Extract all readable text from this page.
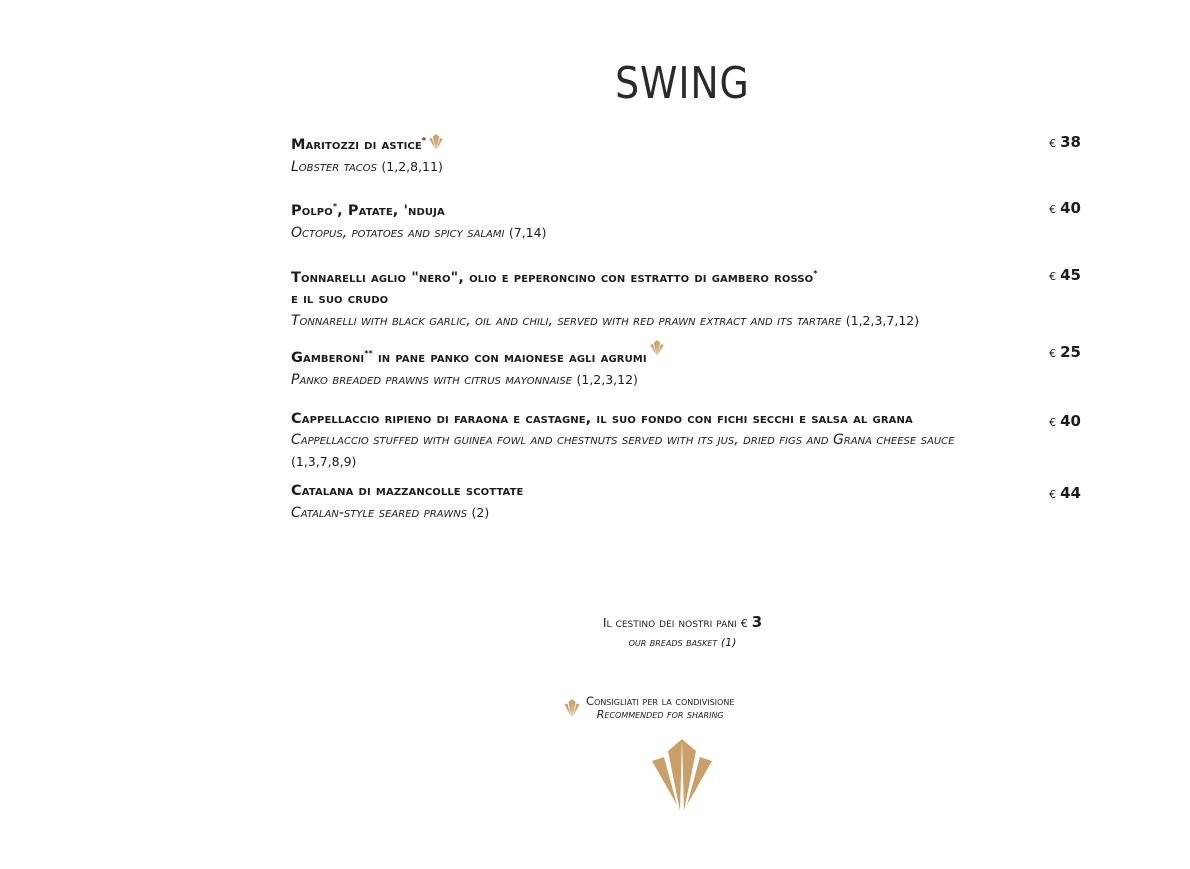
SWING
Maritozzi di astice*
Lobster tacos (1,2,8,11)
€ 38
Polpo*, Patate, 'nduja
Octopus, potatoes and spicy salami (7,14)
€ 40
Tonnarelli aglio "nero", olio e peperoncino con estratto di gambero rosso*
e il suo crudo
Tonnarelli with black garlic, oil and chili, served with red prawn extract and its tartare (1,2,3,7,12)
€ 45
Gamberoni** in pane panko con maionese agli agrumi
Panko breaded prawns with citrus mayonnaise (1,2,3,12)
€ 25
Cappellaccio ripieno di faraona e castagne, il suo fondo con fichi secchi e salsa al grana
Cappellaccio stuffed with guinea fowl and chestnuts served with its jus, dried figs and Grana cheese sauce (1,3,7,8,9)
€ 40
Catalana di mazzancolle scottate
Catalan-style seared prawns (2)
€ 44
Il cestino dei nostri pani € 3
our breads basket (1)
Consigliati per la condivisione
Recommended for sharing
